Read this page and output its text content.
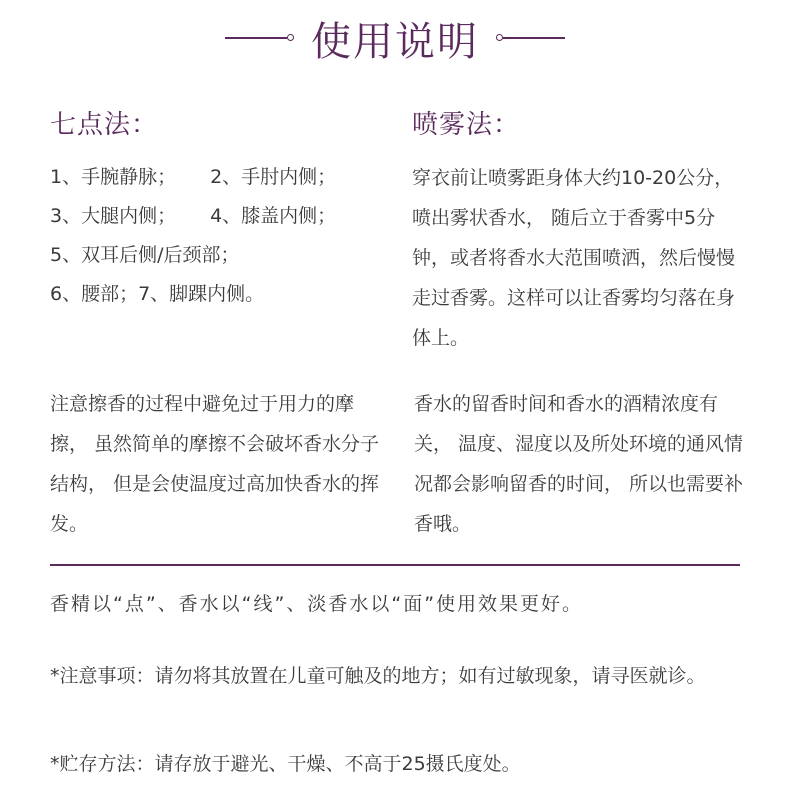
使用说明
七点法：	喷雾法：
1、手腕静脉； 2、手肘内侧；
3、大腿内侧； 4、膝盖内侧；
5、双耳后侧/后颈部；
6、腰部；7、脚踝内侧。
穿衣前让喷雾距身体大约10-20公分，喷出雾状香水， 随后立于香雾中5分钟，或者将香水大范围喷洒，然后慢慢走过香雾。这样可以让香雾均匀落在身体上。
注意擦香的过程中避免过于用力的摩擦， 虽然简单的摩擦不会破坏香水分子结构， 但是会使温度过高加快香水的挥发。
香水的留香时间和香水的酒精浓度有关， 温度、湿度以及所处环境的通风情况都会影响留香的时间， 所以也需要补香哦。
香精以“点”、香水以“线”、淡香水以“面”使用效果更好。
*注意事项：请勿将其放置在儿童可触及的地方；如有过敏现象，请寻医就诊。
*贮存方法：请存放于避光、干燥、不高于25摄氏度处。
